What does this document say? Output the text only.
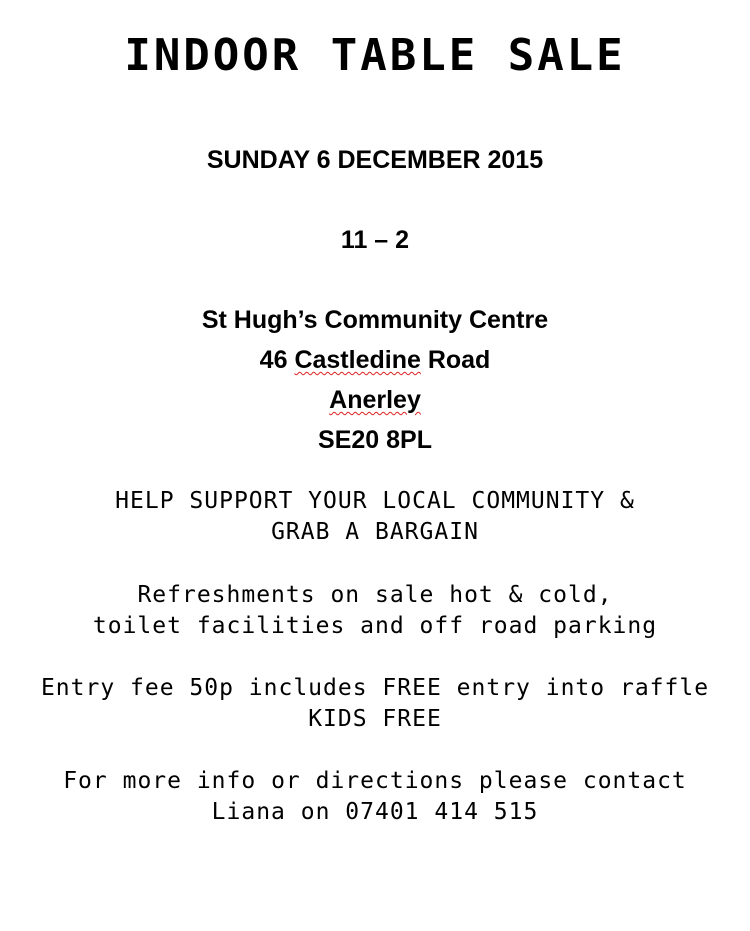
INDOOR TABLE SALE
SUNDAY 6 DECEMBER 2015
11 – 2
St Hugh’s Community Centre
46 Castledine Road
Anerley
SE20 8PL
HELP SUPPORT YOUR LOCAL COMMUNITY &
GRAB A BARGAIN
Refreshments on sale hot & cold,
toilet facilities and off road parking
Entry fee 50p includes FREE entry into raffle
KIDS FREE
For more info or directions please contact
Liana on 07401 414 515
